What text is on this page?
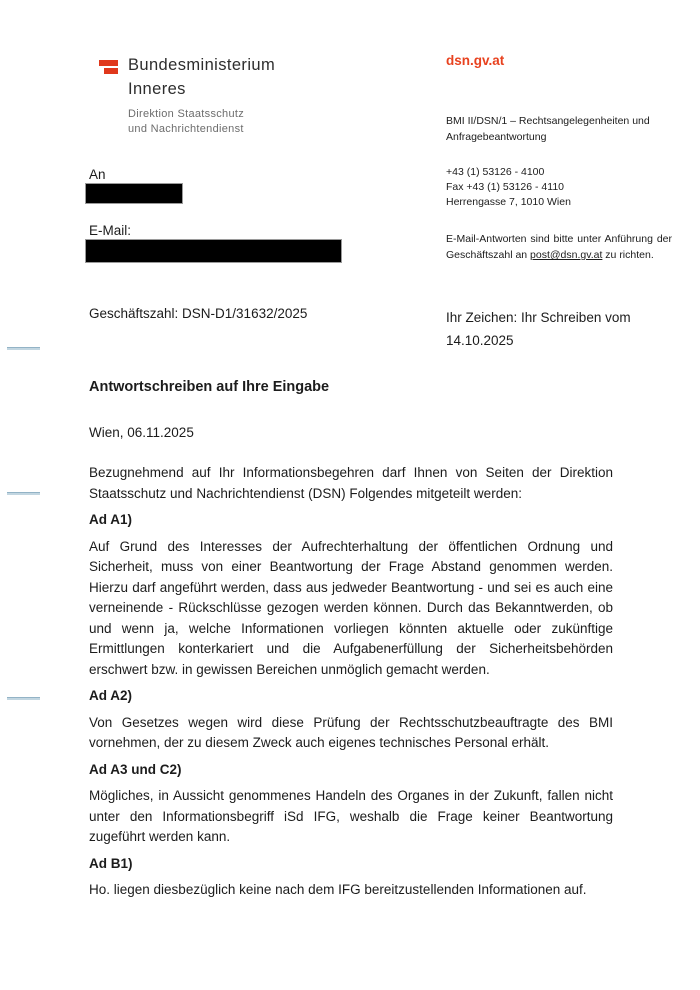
Bundesministerium
Inneres
Direktion Staatsschutz
und Nachrichtendienst
dsn.gv.at
BMI II/DSN/1 – Rechtsangelegenheiten und Anfragebeantwortung
+43 (1) 53126 - 4100
Fax +43 (1) 53126 - 4110
Herrengasse 7, 1010 Wien
E-Mail-Antworten sind bitte unter Anführung der Geschäftszahl an post@dsn.gv.at zu richten.
An
E-Mail:
Geschäftszahl: DSN-D1/31632/2025	Ihr Zeichen: Ihr Schreiben vom
14.10.2025
Antwortschreiben auf Ihre Eingabe
Wien, 06.11.2025

Bezugnehmend auf Ihr Informationsbegehren darf Ihnen von Seiten der Direktion Staatsschutz und Nachrichtendienst (DSN) Folgendes mitgeteilt werden:

Ad A1)

Auf Grund des Interesses der Aufrechterhaltung der öffentlichen Ordnung und Sicherheit, muss von einer Beantwortung der Frage Abstand genommen werden. Hierzu darf angeführt werden, dass aus jedweder Beantwortung - und sei es auch eine verneinende - Rückschlüsse gezogen werden können. Durch das Bekanntwerden, ob und wenn ja, welche Informationen vorliegen könnten aktuelle oder zukünftige Ermittlungen konterkariert und die Aufgabenerfüllung der Sicherheitsbehörden erschwert bzw. in gewissen Bereichen unmöglich gemacht werden.

Ad A2)

Von Gesetzes wegen wird diese Prüfung der Rechtsschutzbeauftragte des BMI vornehmen, der zu diesem Zweck auch eigenes technisches Personal erhält.

Ad A3 und C2)

Mögliches, in Aussicht genommenes Handeln des Organes in der Zukunft, fallen nicht unter den Informationsbegriff iSd IFG, weshalb die Frage keiner Beantwortung zugeführt werden kann.

Ad B1)

Ho. liegen diesbezüglich keine nach dem IFG bereitzustellenden Informationen auf.
